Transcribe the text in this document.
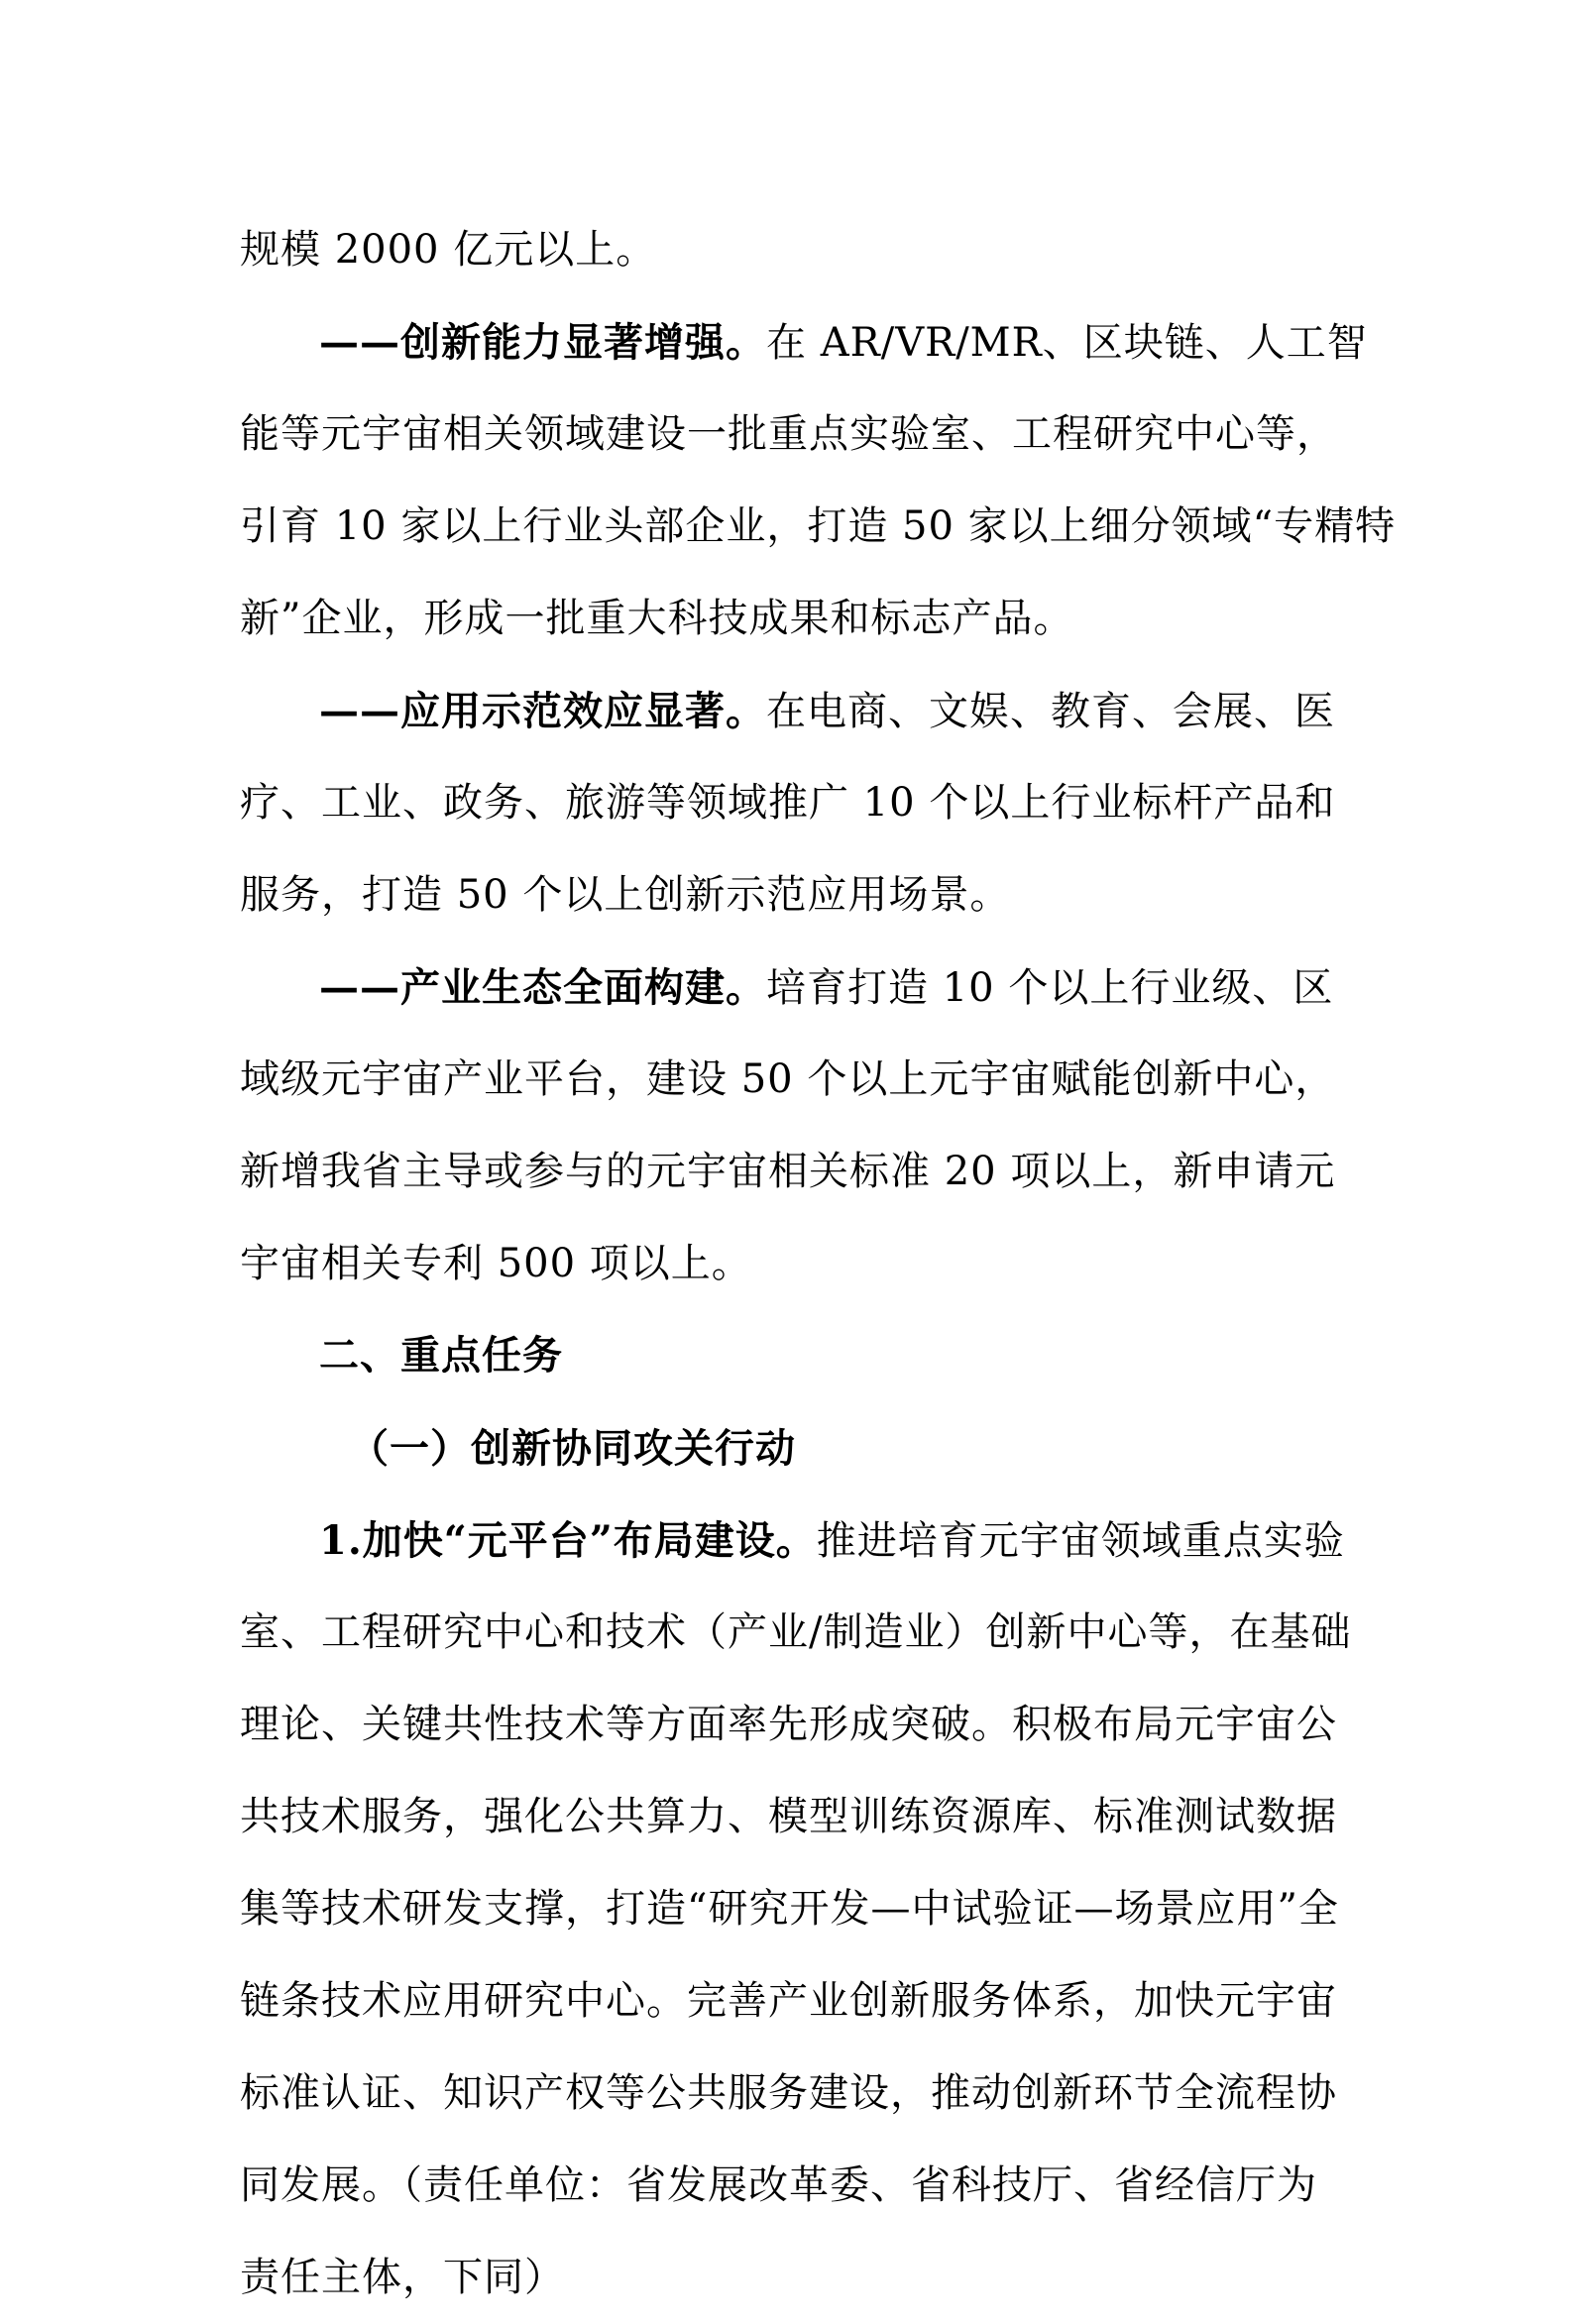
规模 2000 亿元以上。
——创新能力显著增强。在 AR/VR/MR、区块链、人工智
能等元宇宙相关领域建设一批重点实验室、工程研究中心等，
引育 10 家以上行业头部企业，打造 50 家以上细分领域“专精特
新”企业，形成一批重大科技成果和标志产品。
——应用示范效应显著。在电商、文娱、教育、会展、医
疗、工业、政务、旅游等领域推广 10 个以上行业标杆产品和
服务，打造 50 个以上创新示范应用场景。
——产业生态全面构建。培育打造 10 个以上行业级、区
域级元宇宙产业平台，建设 50 个以上元宇宙赋能创新中心，
新增我省主导或参与的元宇宙相关标准 20 项以上，新申请元
宇宙相关专利 500 项以上。
二、重点任务
（一）创新协同攻关行动
1.加快“元平台”布局建设。推进培育元宇宙领域重点实验
室、工程研究中心和技术（产业/制造业）创新中心等，在基础
理论、关键共性技术等方面率先形成突破。积极布局元宇宙公
共技术服务，强化公共算力、模型训练资源库、标准测试数据
集等技术研发支撑，打造“研究开发—中试验证—场景应用”全
链条技术应用研究中心。完善产业创新服务体系，加快元宇宙
标准认证、知识产权等公共服务建设，推动创新环节全流程协
同发展。（责任单位：省发展改革委、省科技厅、省经信厅为
责任主体，下同）
